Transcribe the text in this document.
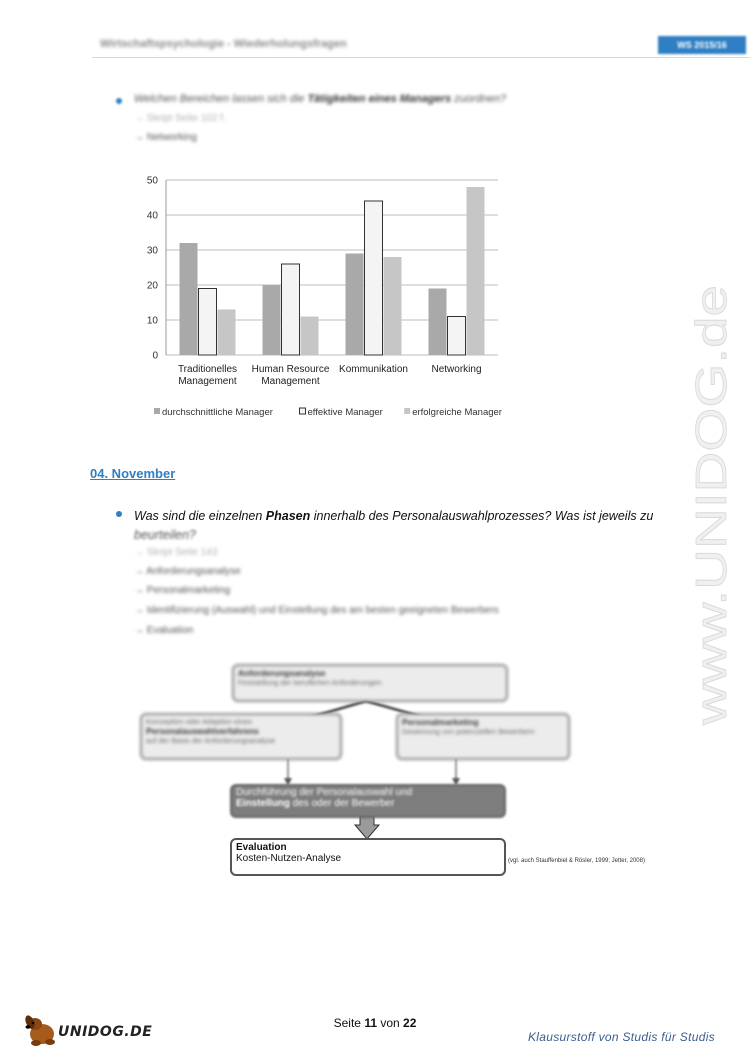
Wirtschaftspsychologie - Wiederholungsfragen	WS 2015/16
Welchen Bereichen lassen sich die Tätigkeiten eines Managers zuordnen?
→ Skript Seite 102 f.
→ Networking
0
10
20
30
40
50
Traditionelles
Management
Human Resource
Management
Kommunikation Networking
durchschnittliche Manager	effektive Manager	erfolgreiche Manager
04. November
Was sind die einzelnen Phasen innerhalb des Personalauswahlprozesses? Was ist jeweils zu
beurteilen?
→ Skript Seite 143
→ Anforderungsanalyse
→ Personalmarketing
→ Identifizierung (Auswahl) und Einstellung des am besten geeigneten Bewerbers
→ Evaluation
Anforderungsanalyse
Feststellung der beruflichen Anforderungen
Konzeption oder Adaption eines
Personalauswahlverfahrens
auf der Basis der Anforderungsanalyse
Personalmarketing
Gewinnung von potenziellen Bewerbern
Durchführung der Personalauswahl und
Einstellung des oder der Bewerber
Evaluation
Kosten-Nutzen-Analyse	(vgl. auch Stauffenbiel & Rösler, 1999; Jetter, 2008)
www.UNIDOG.de
Seite 11 von 22
UNIDOG.DE	Klausurstoff von Studis für Studis
